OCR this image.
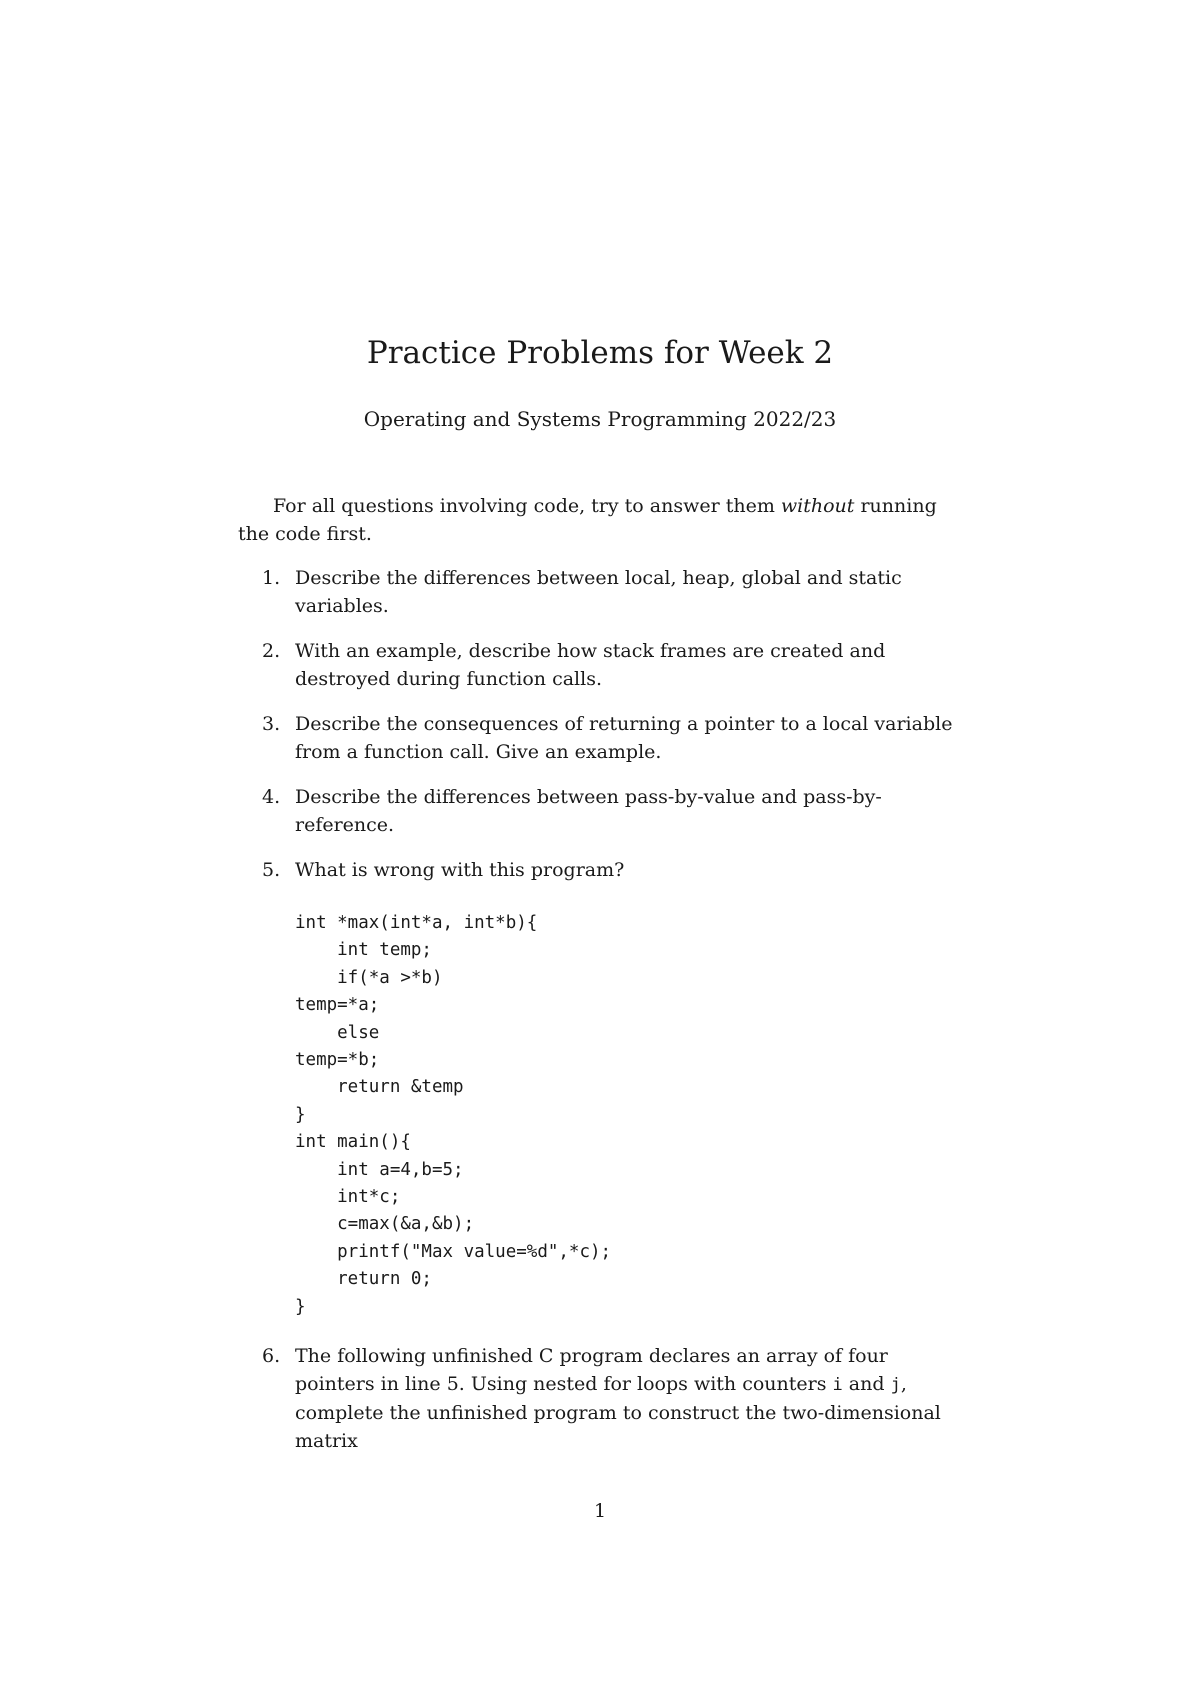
Practice Problems for Week 2

Operating and Systems Programming 2022/23

For all questions involving code, try to answer them without running the code first.

1. Describe the differences between local, heap, global and static variables.
2. With an example, describe how stack frames are created and destroyed during function calls.
3. Describe the consequences of returning a pointer to a local variable from a function call. Give an example.
4. Describe the differences between pass-by-value and pass-by-reference.
5. What is wrong with this program?
int *max(int*a, int*b){
int temp;
if(*a >*b)
temp=*a;
else
temp=*b;
return &temp
}
int main(){
int a=4,b=5;
int*c;
c=max(&a,&b);
printf("Max value=%d",*c);
return 0;
}
6. The following unfinished C program declares an array of four pointers in line 5. Using nested for loops with counters i and j, complete the unfinished program to construct the two-dimensional matrix

1
